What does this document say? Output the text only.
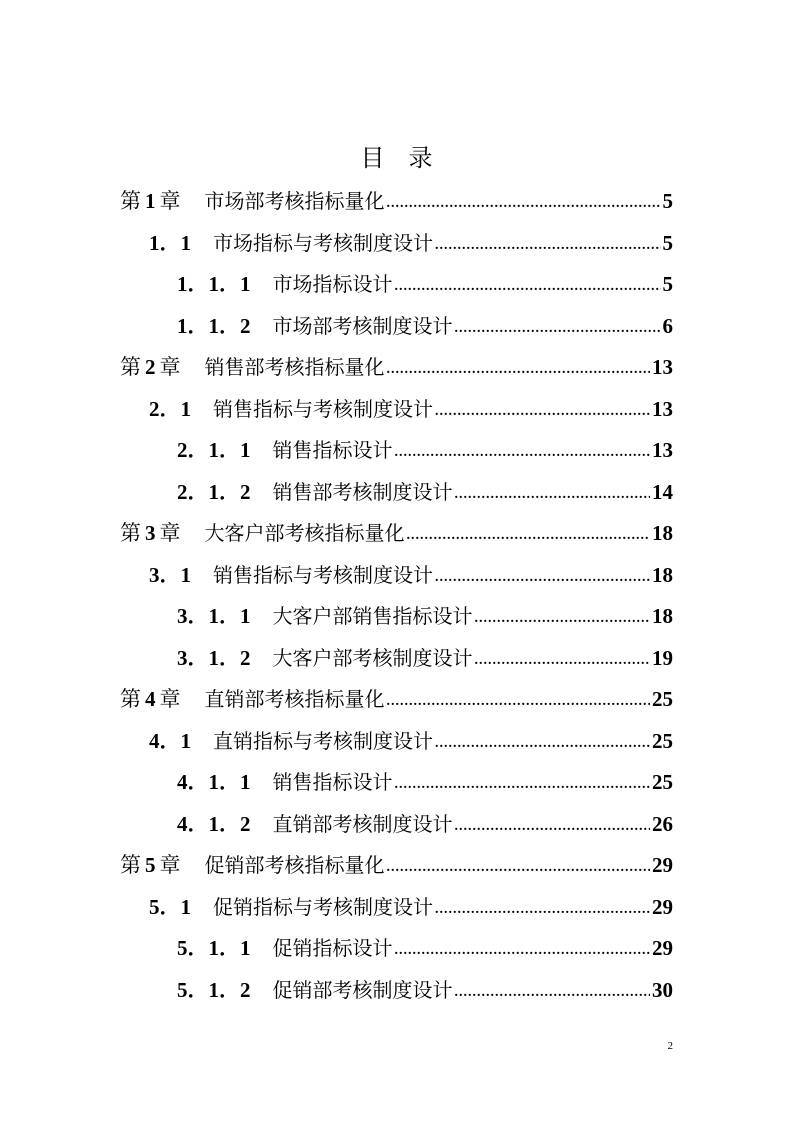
目 录
第 1 章 市场部考核指标量化 .....	5
1．1 市场指标与考核制度设计 .....	5
1．1．1 市场指标设计 .....	5
1．1．2 市场部考核制度设计 .....	6
第 2 章 销售部考核指标量化 .....	13
2．1 销售指标与考核制度设计 .....	13
2．1．1 销售指标设计 .....	13
2．1．2 销售部考核制度设计 .....	14
第 3 章 大客户部考核指标量化 .....	18
3．1 销售指标与考核制度设计 .....	18
3．1．1 大客户部销售指标设计 .....	18
3．1．2 大客户部考核制度设计 .....	19
第 4 章 直销部考核指标量化 .....	25
4．1 直销指标与考核制度设计 .....	25
4．1．1 销售指标设计 .....	25
4．1．2 直销部考核制度设计 .....	26
第 5 章 促销部考核指标量化 .....	29
5．1 促销指标与考核制度设计 .....	29
5．1．1 促销指标设计 .....	29
5．1．2 促销部考核制度设计 .....	30
2
